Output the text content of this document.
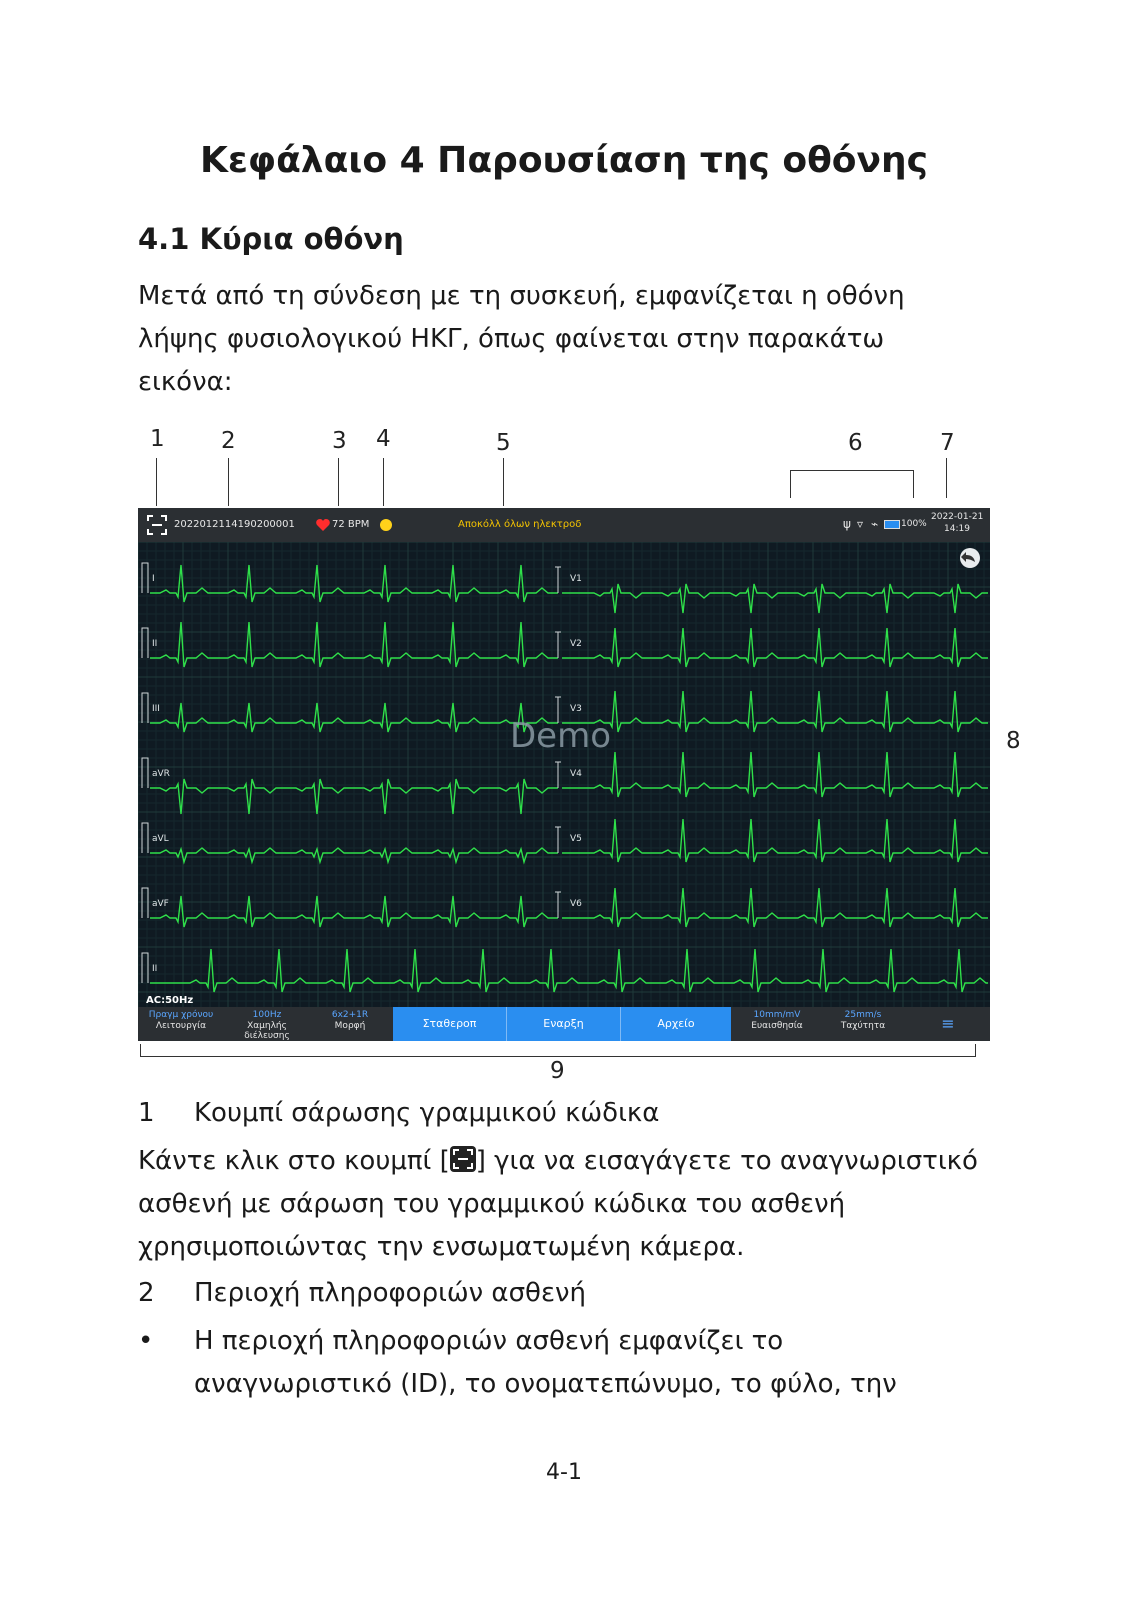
Κεφάλαιο 4 Παρουσίαση της οθόνης
4.1 Κύρια οθόνη

Μετά από τη σύνδεση με τη συσκευή, εμφανίζεται η οθόνη
λήψης φυσιολογικού ΗΚΓ, όπως φαίνεται στην παρακάτω
εικόνα:

1 2	3 4	5	6	7
8
9
2022012114190200001	72 BPM	Αποκόλλ όλων ηλεκτροδ	ψ ▿ ⌁	100%
2022-01-21
14:19
I	V1
II	V2
III	V3
aVR	V4
aVL	V5
aVF	V6
II
AC:50Hz
Demo
Πραγμ χρόνου
Λειτουργία
100Hz
Χαμηλής διέλευσης
6x2+1R
Μορφή	Σταθερoπ	Εναρξη	Αρχείο
10mm/mV
Ευαισθησία
25mm/s
Ταχύτητα	≡
1 Κουμπί σάρωσης γραμμικού κώδικα

Κάντε κλικ στο κουμπί [ ] για να εισαγάγετε το αναγνωριστικό
ασθενή με σάρωση του γραμμικού κώδικα του ασθενή
χρησιμοποιώντας την ενσωματωμένη κάμερα.

2 Περιοχή πληροφοριών ασθενή
• Η περιοχή πληροφοριών ασθενή εμφανίζει το
αναγνωριστικό (ID), το ονοματεπώνυμο, το φύλο, την
4-1
